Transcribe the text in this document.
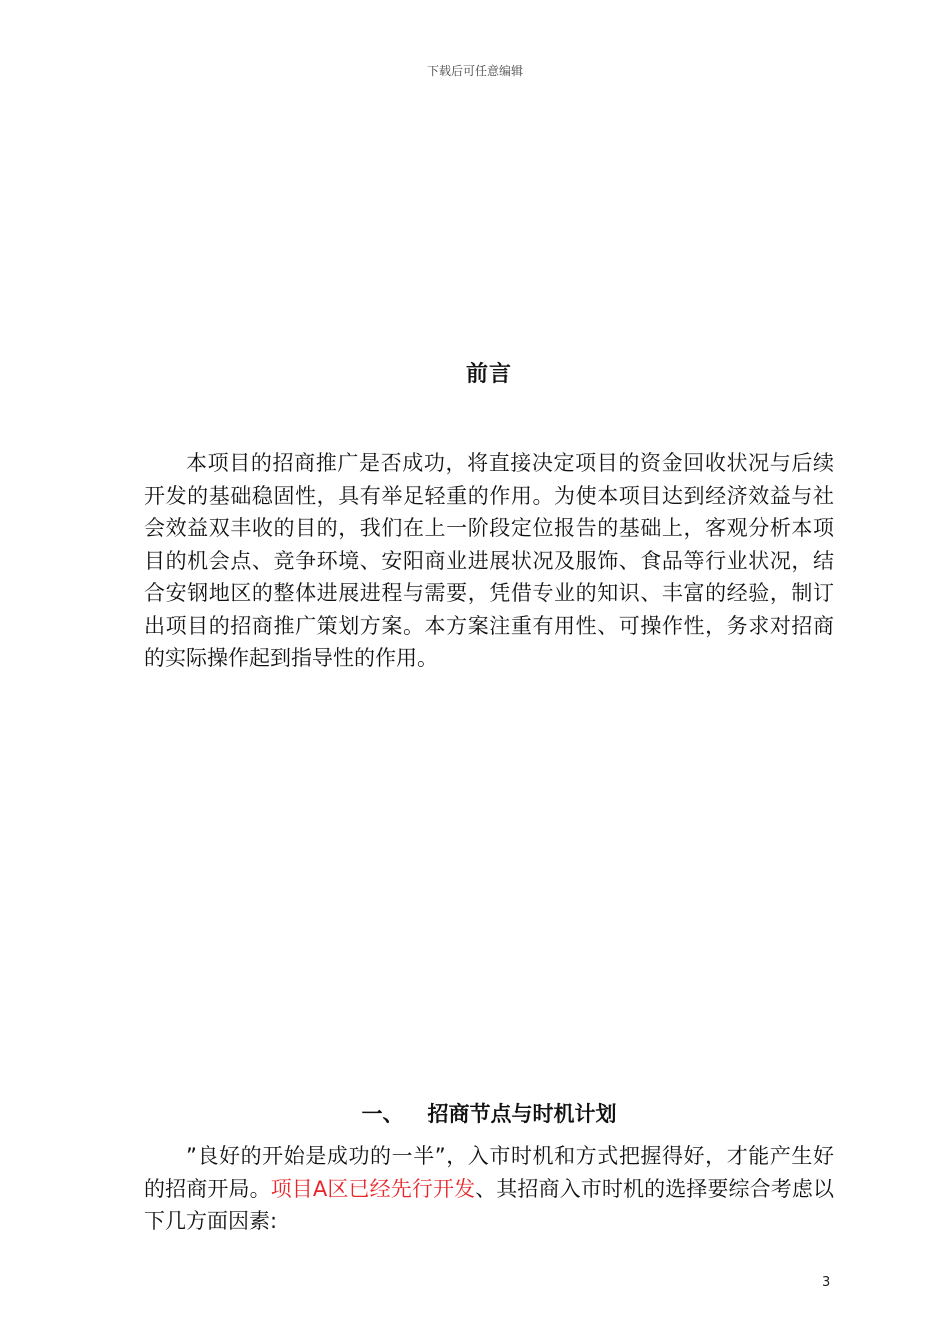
下载后可任意编辑
前言

本项目的招商推广是否成功，将直接决定项目的资金回收状况与后续开发的基础稳固性，具有举足轻重的作用。为使本项目达到经济效益与社会效益双丰收的目的，我们在上一阶段定位报告的基础上，客观分析本项目的机会点、竞争环境、安阳商业进展状况及服饰、食品等行业状况，结合安钢地区的整体进展进程与需要，凭借专业的知识、丰富的经验，制订出项目的招商推广策划方案。本方案注重有用性、可操作性，务求对招商的实际操作起到指导性的作用。

一、 招商节点与时机计划

”良好的开始是成功的一半”，入市时机和方式把握得好，才能产生好的招商开局。项目A区已经先行开发、其招商入市时机的选择要综合考虑以下几方面因素:

3
